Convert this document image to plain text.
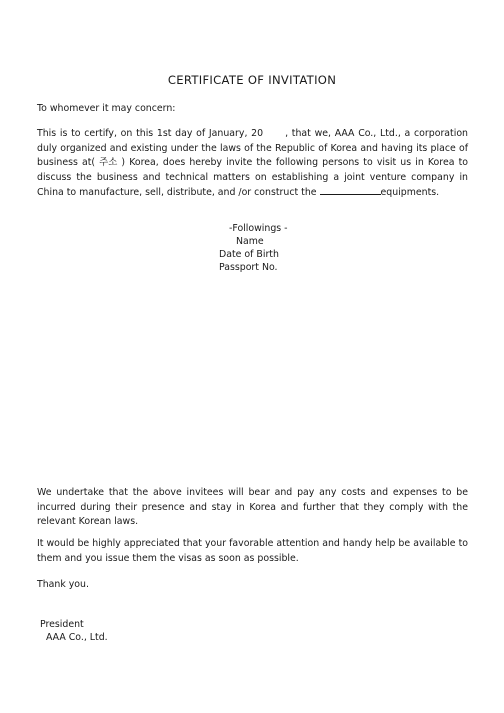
CERTIFICATE OF INVITATION
To whomever it may concern:
This is to certify, on this 1st day of January, 20 , that we, AAA Co., Ltd., a corporation duly organized and existing under the laws of the Republic of Korea and having its place of business at( 주소 ) Korea, does hereby invite the following persons to visit us in Korea to discuss the business and technical matters on establishing a joint venture company in China to manufacture, sell, distribute, and /or construct the	equipments.
-Followings -
Name
Date of Birth
Passport No.
We undertake that the above invitees will bear and pay any costs and expenses to be incurred during their presence and stay in Korea and further that they comply with the relevant Korean laws.
It would be highly appreciated that your favorable attention and handy help be available to them and you issue them the visas as soon as possible.
Thank you.
President
AAA Co., Ltd.
